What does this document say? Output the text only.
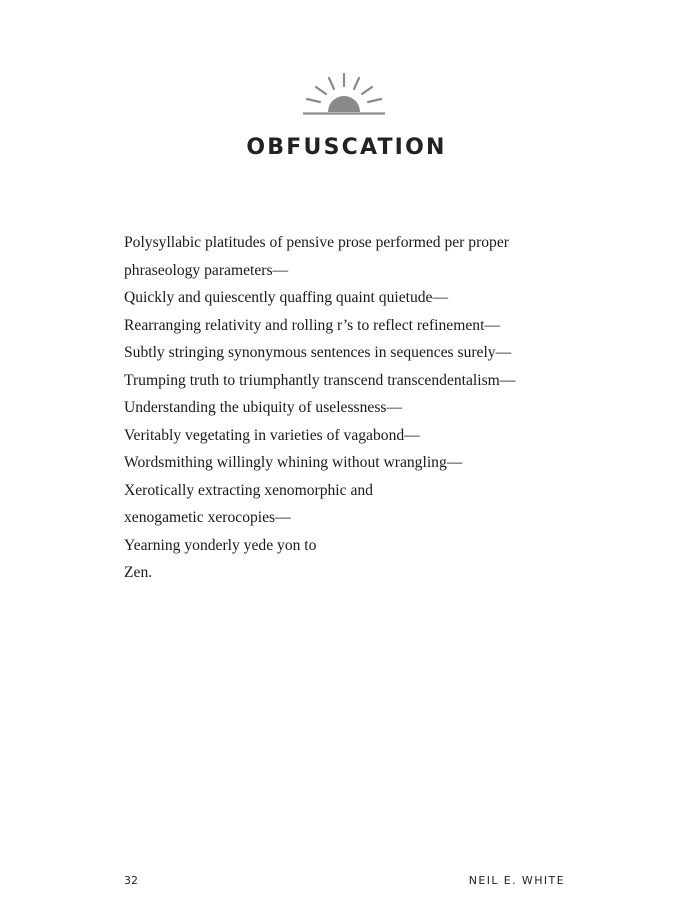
OBFUSCATION
Polysyllabic platitudes of pensive prose performed per proper
phraseology parameters—
Quickly and quiescently quaffing quaint quietude—
Rearranging relativity and rolling r’s to reflect refinement—
Subtly stringing synonymous sentences in sequences surely—
Trumping truth to triumphantly transcend transcendentalism—
Understanding the ubiquity of uselessness—
Veritably vegetating in varieties of vagabond—
Wordsmithing willingly whining without wrangling—
Xerotically extracting xenomorphic and
xenogametic xerocopies—
Yearning yonderly yede yon to
Zen.
32	NEIL E. WHITE
